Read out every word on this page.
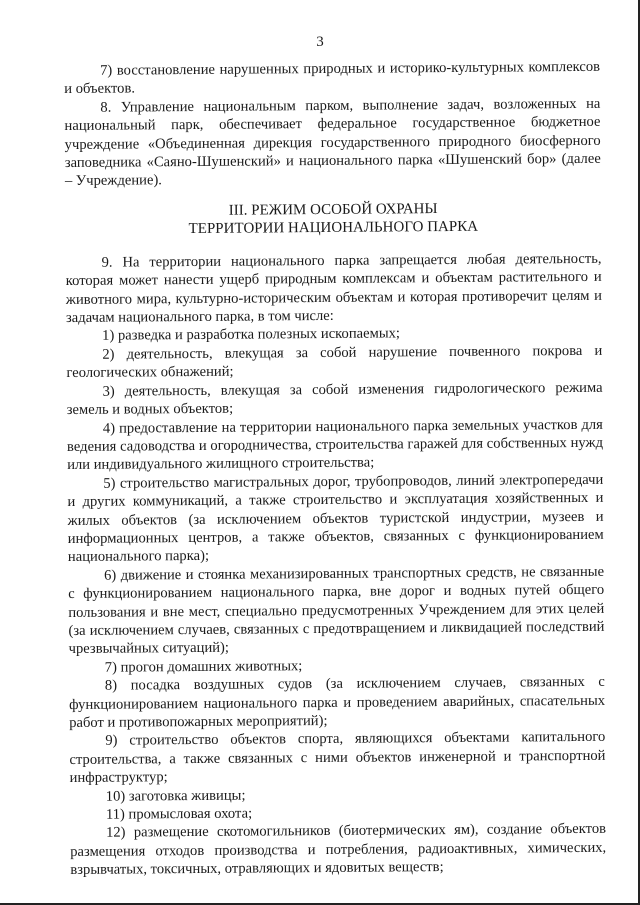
3

7) восстановление нарушенных природных и историко-культурных комплексов и объектов.

8. Управление национальным парком, выполнение задач, возложенных на национальный парк, обеспечивает федеральное государственное бюджетное учреждение «Объединенная дирекция государственного природного биосферного заповедника «Саяно-Шушенский» и национального парка «Шушенский бор» (далее – Учреждение).

III. РЕЖИМ ОСОБОЙ ОХРАНЫ
ТЕРРИТОРИИ НАЦИОНАЛЬНОГО ПАРКА

9. На территории национального парка запрещается любая деятельность, которая может нанести ущерб природным комплексам и объектам растительного и животного мира, культурно-историческим объектам и которая противоречит целям и задачам национального парка, в том числе:

1) разведка и разработка полезных ископаемых;

2) деятельность, влекущая за собой нарушение почвенного покрова и геологических обнажений;

3) деятельность, влекущая за собой изменения гидрологического режима земель и водных объектов;

4) предоставление на территории национального парка земельных участков для ведения садоводства и огородничества, строительства гаражей для собственных нужд или индивидуального жилищного строительства;

5) строительство магистральных дорог, трубопроводов, линий электропередачи и других коммуникаций, а также строительство и эксплуатация хозяйственных и жилых объектов (за исключением объектов туристской индустрии, музеев и информационных центров, а также объектов, связанных с функционированием национального парка);

6) движение и стоянка механизированных транспортных средств, не связанные с функционированием национального парка, вне дорог и водных путей общего пользования и вне мест, специально предусмотренных Учреждением для этих целей (за исключением случаев, связанных с предотвращением и ликвидацией последствий чрезвычайных ситуаций);

7) прогон домашних животных;

8) посадка воздушных судов (за исключением случаев, связанных с функционированием национального парка и проведением аварийных, спасательных работ и противопожарных мероприятий);

9) строительство объектов спорта, являющихся объектами капитального строительства, а также связанных с ними объектов инженерной и транспортной инфраструктур;

10) заготовка живицы;

11) промысловая охота;

12) размещение скотомогильников (биотермических ям), создание объектов размещения отходов производства и потребления, радиоактивных, химических, взрывчатых, токсичных, отравляющих и ядовитых веществ;
